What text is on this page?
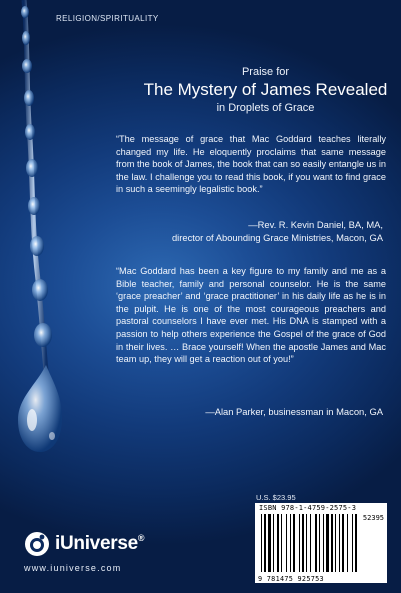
RELIGION/SPIRITUALITY
Praise for
The Mystery of James Revealed
in Droplets of Grace
“The message of grace that Mac Goddard teaches literally changed my life. He eloquently proclaims that same message from the book of James, the book that can so easily entangle us in the law. I challenge you to read this book, if you want to find grace in such a seemingly legalistic book.”
—Rev. R. Kevin Daniel, BA, MA,
director of Abounding Grace Ministries, Macon, GA
“Mac Goddard has been a key figure to my family and me as a Bible teacher, family and personal counselor. He is the same ‘grace preacher’ and ‘grace practitioner’ in his daily life as he is in the pulpit. He is one of the most courageous preachers and pastoral counselors I have ever met. His DNA is stamped with a passion to help others experience the Gospel of the grace of God in their lives. … Brace yourself! When the apostle James and Mac team up, they will get a reaction out of you!”
—Alan Parker, businessman in Macon, GA
U.S. $23.95
ISBN 978-1-4759-2575-3
52395
9 781475 925753
iUniverse®
www.iuniverse.com
